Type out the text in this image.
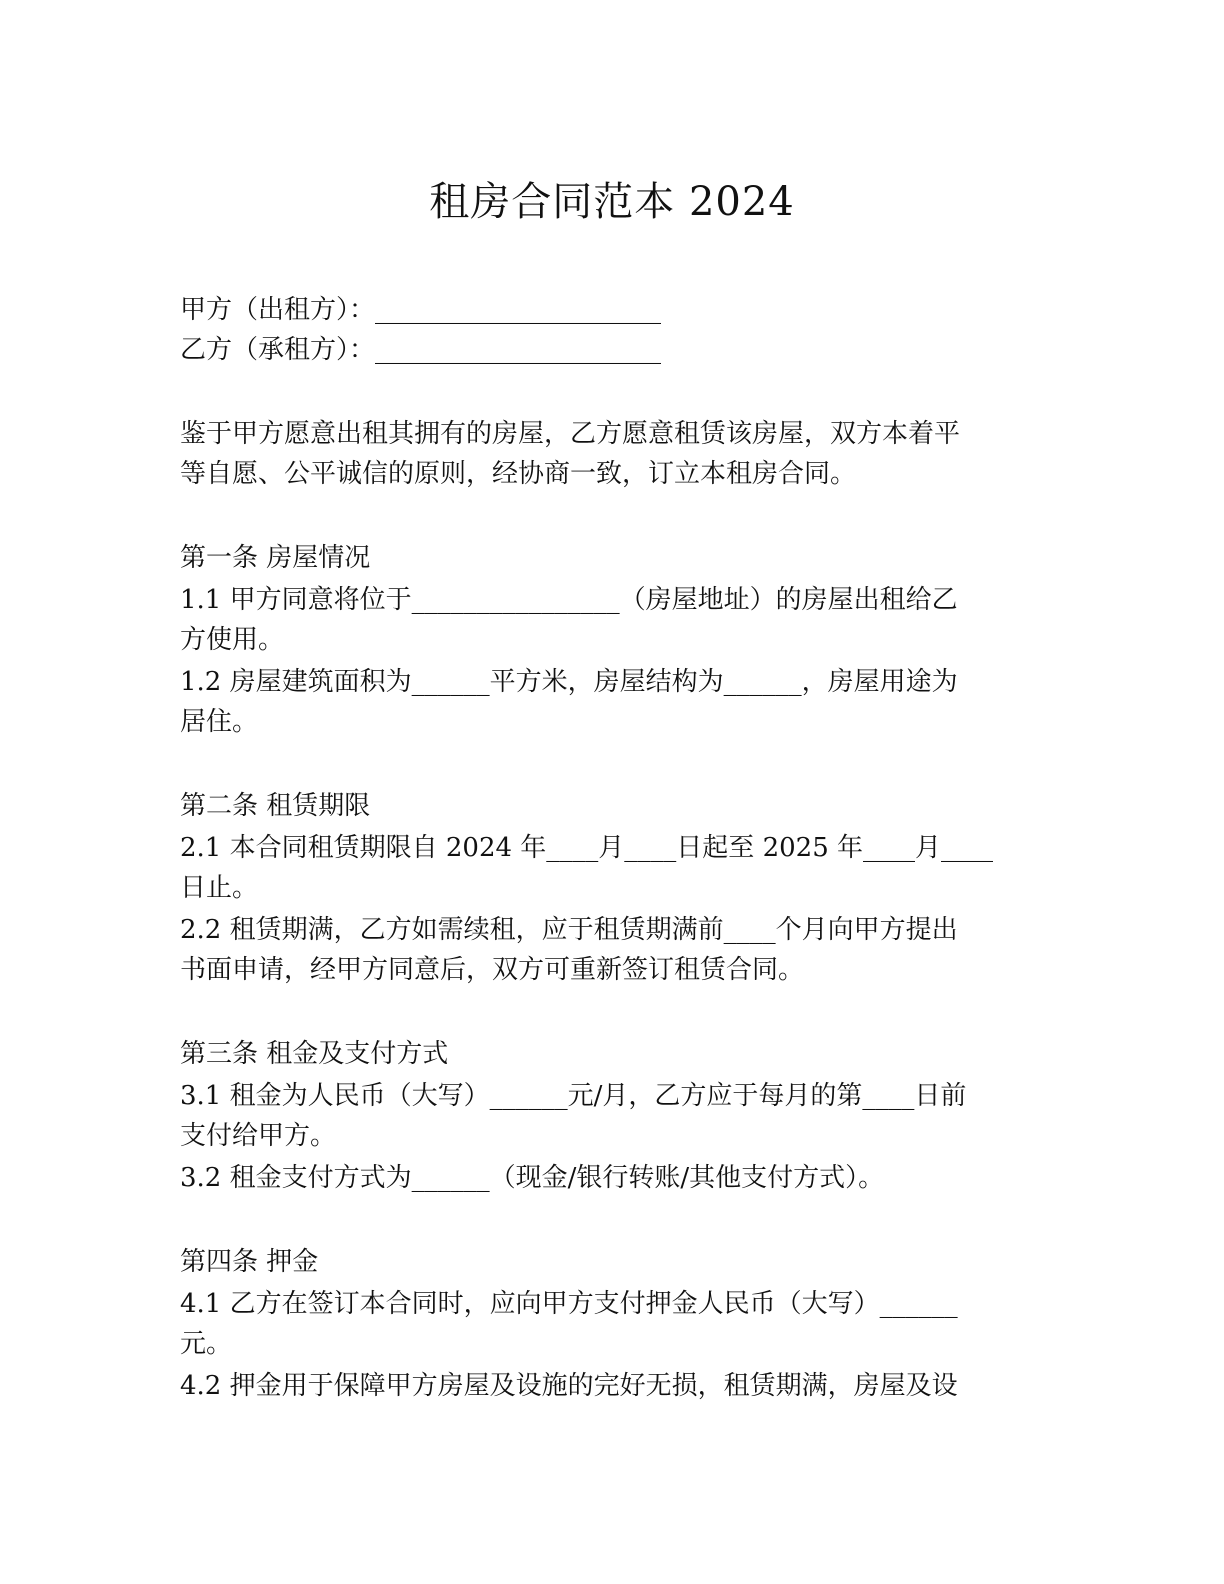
租房合同范本 2024
甲方（出租方）：______________________
乙方（承租方）：______________________
鉴于甲方愿意出租其拥有的房屋，乙方愿意租赁该房屋，双方本着平
等自愿、公平诚信的原则，经协商一致，订立本租房合同。
第一条 房屋情况
1.1 甲方同意将位于________________（房屋地址）的房屋出租给乙
方使用。
1.2 房屋建筑面积为______平方米，房屋结构为______，房屋用途为
居住。
第二条 租赁期限
2.1 本合同租赁期限自 2024 年____月____日起至 2025 年____月____
日止。
2.2 租赁期满，乙方如需续租，应于租赁期满前____个月向甲方提出
书面申请，经甲方同意后，双方可重新签订租赁合同。
第三条 租金及支付方式
3.1 租金为人民币（大写）______元/月，乙方应于每月的第____日前
支付给甲方。
3.2 租金支付方式为______（现金/银行转账/其他支付方式）。
第四条 押金
4.1 乙方在签订本合同时，应向甲方支付押金人民币（大写）______
元。
4.2 押金用于保障甲方房屋及设施的完好无损，租赁期满，房屋及设
